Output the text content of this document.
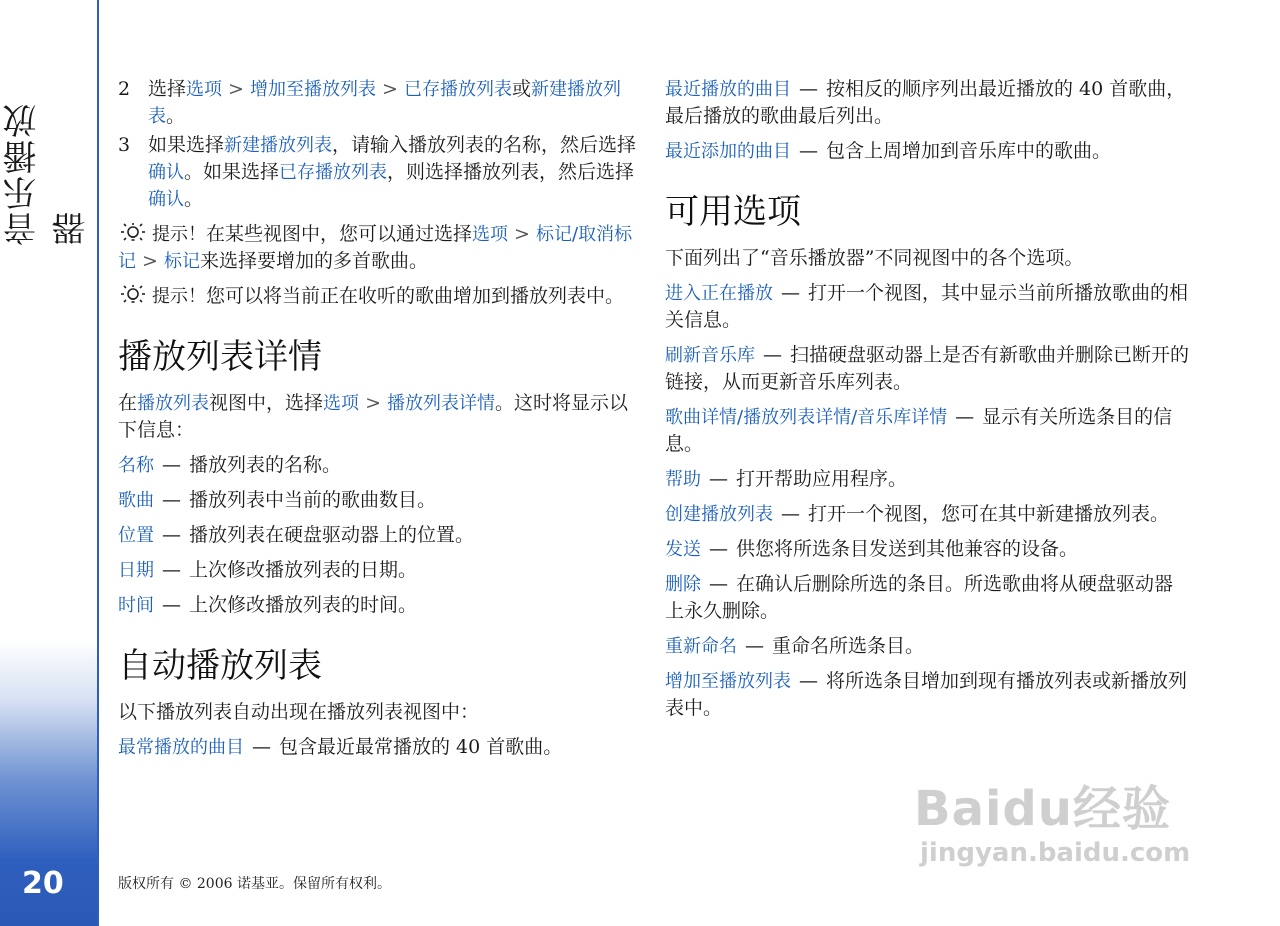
音乐播放器
20
2 选择选项 > 增加至播放列表 > 已存播放列表或新建播放列表。
3 如果选择新建播放列表，请输入播放列表的名称，然后选择确认。如果选择已存播放列表，则选择播放列表，然后选择确认。

提示！在某些视图中，您可以通过选择选项 > 标记/取消标记 > 标记来选择要增加的多首歌曲。

提示！您可以将当前正在收听的歌曲增加到播放列表中。

播放列表详情

在播放列表视图中，选择选项 > 播放列表详情。这时将显示以下信息：

名称 — 播放列表的名称。

歌曲 — 播放列表中当前的歌曲数目。

位置 — 播放列表在硬盘驱动器上的位置。

日期 — 上次修改播放列表的日期。

时间 — 上次修改播放列表的时间。

自动播放列表

以下播放列表自动出现在播放列表视图中：

最常播放的曲目 — 包含最近最常播放的 40 首歌曲。

最近播放的曲目 — 按相反的顺序列出最近播放的 40 首歌曲，最后播放的歌曲最后列出。

最近添加的曲目 — 包含上周增加到音乐库中的歌曲。

可用选项

下面列出了“音乐播放器”不同视图中的各个选项。

进入正在播放 — 打开一个视图，其中显示当前所播放歌曲的相关信息。

刷新音乐库 — 扫描硬盘驱动器上是否有新歌曲并删除已断开的链接，从而更新音乐库列表。

歌曲详情/播放列表详情/音乐库详情 — 显示有关所选条目的信息。

帮助 — 打开帮助应用程序。

创建播放列表 — 打开一个视图，您可在其中新建播放列表。

发送 — 供您将所选条目发送到其他兼容的设备。

删除 — 在确认后删除所选的条目。所选歌曲将从硬盘驱动器上永久删除。

重新命名 — 重命名所选条目。

增加至播放列表 — 将所选条目增加到现有播放列表或新播放列表中。

版权所有 © 2006 诺基亚。保留所有权利。
Baidu经验
jingyan.baidu.com
